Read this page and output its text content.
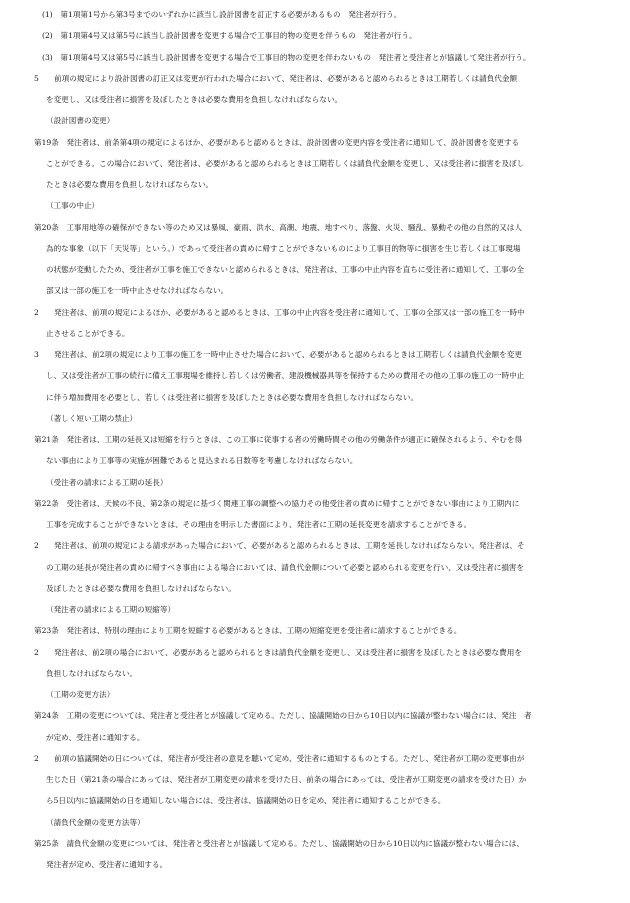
(1)　第1項第1号から第3号までのいずれかに該当し設計図書を訂正する必要があるもの　発注者が行う。
(2)　第1項第4号又は第5号に該当し設計図書を変更する場合で工事目的物の変更を伴うもの　発注者が行う。
(3)　第1項第4号又は第5号に該当し設計図書を変更する場合で工事目的物の変更を伴わないもの　発注者と受注者とが協議して発注者が行う。
5　　前項の規定により設計図書の訂正又は変更が行われた場合において、発注者は、必要があると認められるときは工期若しくは請負代金額
を変更し、又は受注者に損害を及ぼしたときは必要な費用を負担しなければならない。
（設計図書の変更）
第19条　発注者は、前条第4項の規定によるほか、必要があると認めるときは、設計図書の変更内容を受注者に通知して、設計図書を変更する
ことができる。この場合において、発注者は、必要があると認められるときは工期若しくは請負代金額を変更し、又は受注者に損害を及ぼし
たときは必要な費用を負担しなければならない。
（工事の中止）
第20条　工事用地等の確保ができない等のため又は暴風、豪雨、洪水、高潮、地震、地すべり、落盤、火災、騒乱、暴動その他の自然的又は人
為的な事象（以下「天災等」という。）であって受注者の責めに帰すことができないものにより工事目的物等に損害を生じ若しくは工事現場
の状態が変動したため、受注者が工事を施工できないと認められるときは、発注者は、工事の中止内容を直ちに受注者に通知して、工事の全
部又は一部の施工を一時中止させなければならない。
2　　発注者は、前項の規定によるほか、必要があると認めるときは、工事の中止内容を受注者に通知して、工事の全部又は一部の施工を一時中
止させることができる。
3　　発注者は、前2項の規定により工事の施工を一時中止させた場合において、必要があると認められるときは工期若しくは請負代金額を変更
し、又は受注者が工事の続行に備え工事現場を維持し若しくは労働者、建設機械器具等を保持するための費用その他の工事の施工の一時中止
に伴う増加費用を必要とし、若しくは受注者に損害を及ぼしたときは必要な費用を負担しなければならない。
（著しく短い工期の禁止）
第21条　発注者は、工期の延長又は短縮を行うときは、この工事に従事する者の労働時間その他の労働条件が適正に確保されるよう、やむを得
ない事由により工事等の実施が困難であると見込まれる日数等を考慮しなければならない。
（受注者の請求による工期の延長）
第22条　受注者は、天候の不良、第2条の規定に基づく関連工事の調整への協力その他受注者の責めに帰すことができない事由により工期内に
工事を完成することができないときは、その理由を明示した書面により、発注者に工期の延長変更を請求することができる。
2　　発注者は、前項の規定による請求があった場合において、必要があると認められるときは、工期を延長しなければならない。発注者は、そ
の工期の延長が発注者の責めに帰すべき事由による場合においては、請負代金額について必要と認められる変更を行い、又は受注者に損害を
及ぼしたときは必要な費用を負担しなければならない。
（発注者の請求による工期の短縮等）
第23条　発注者は、特別の理由により工期を短縮する必要があるときは、工期の短縮変更を受注者に請求することができる。
2　　発注者は、前2項の場合において、必要があると認められるときは請負代金額を変更し、又は受注者に損害を及ぼしたときは必要な費用を
負担しなければならない。
（工期の変更方法）
第24条　工期の変更については、発注者と受注者とが協議して定める。ただし、協議開始の日から10日以内に協議が整わない場合には、発注　者
が定め、受注者に通知する。
2　　前項の協議開始の日については、発注者が受注者の意見を聴いて定め、受注者に通知するものとする。ただし、発注者が工期の変更事由が
生じた日（第21条の場合にあっては、発注者が工期変更の請求を受けた日、前条の場合にあっては、受注者が工期変更の請求を受けた日）か
ら5日以内に協議開始の日を通知しない場合には、受注者は、協議開始の日を定め、発注者に通知することができる。
（請負代金額の変更方法等）
第25条　請負代金額の変更については、発注者と受注者とが協議して定める。ただし、協議開始の日から10日以内に協議が整わない場合には、
発注者が定め、受注者に通知する。
